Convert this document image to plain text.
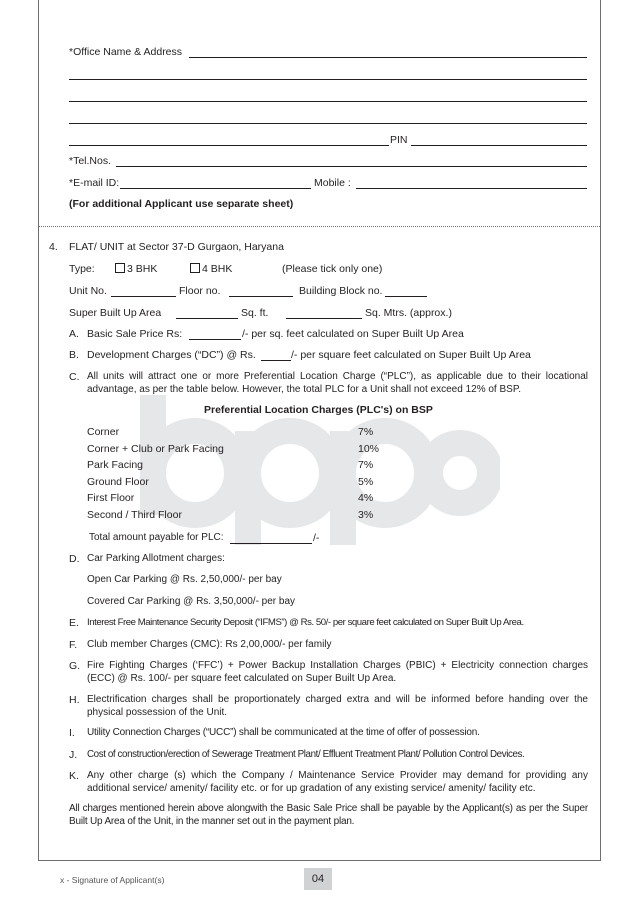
*Office Name & Address
PIN
*Tel.Nos.
*E-mail ID:	Mobile :
(For additional Applicant use separate sheet)
4. FLAT/ UNIT at Sector 37-D Gurgaon, Haryana
Type:	3 BHK	4 BHK	(Please tick only one)
Unit No.	Floor no.	Building Block no.
Super Built Up Area	Sq. ft.	Sq. Mtrs. (approx.)
A. Basic Sale Price Rs:	/- per sq. feet calculated on Super Built Up Area
B. Development Charges (“DC”) @ Rs.	/- per square feet calculated on Super Built Up Area
C. All units will attract one or more Preferential Location Charge (“PLC”), as applicable due to their locational advantage, as per the table below. However, the total PLC for a Unit shall not exceed 12% of BSP.
Preferential Location Charges (PLC's) on BSP
Corner	7%
Corner + Club or Park Facing	10%
Park Facing	7%
Ground Floor	5%
First Floor	4%
Second / Third Floor	3%
Total amount payable for PLC:	/-
D. Car Parking Allotment charges:
Open Car Parking @ Rs. 2,50,000/- per bay
Covered Car Parking @ Rs. 3,50,000/- per bay
E. Interest Free Maintenance Security Deposit (“IFMS”) @ Rs. 50/- per square feet calculated on Super Built Up Area.
F. Club member Charges (CMC): Rs 2,00,000/- per family
G. Fire Fighting Charges (‘FFC’) + Power Backup Installation Charges (PBIC) + Electricity connection charges (ECC) @ Rs. 100/- per square feet calculated on Super Built Up Area.
H. Electrification charges shall be proportionately charged extra and will be informed before handing over the physical possession of the Unit.
I. Utility Connection Charges (“UCC”) shall be communicated at the time of offer of possession.
J. Cost of construction/erection of Sewerage Treatment Plant/ Effluent Treatment Plant/ Pollution Control Devices.
K. Any other charge (s) which the Company / Maintenance Service Provider may demand for providing any additional service/ amenity/ facility etc. or for up gradation of any existing service/ amenity/ facility etc.
All charges mentioned herein above alongwith the Basic Sale Price shall be payable by the Applicant(s) as per the Super Built Up Area of the Unit, in the manner set out in the payment plan.
x - Signature of Applicant(s)	04
